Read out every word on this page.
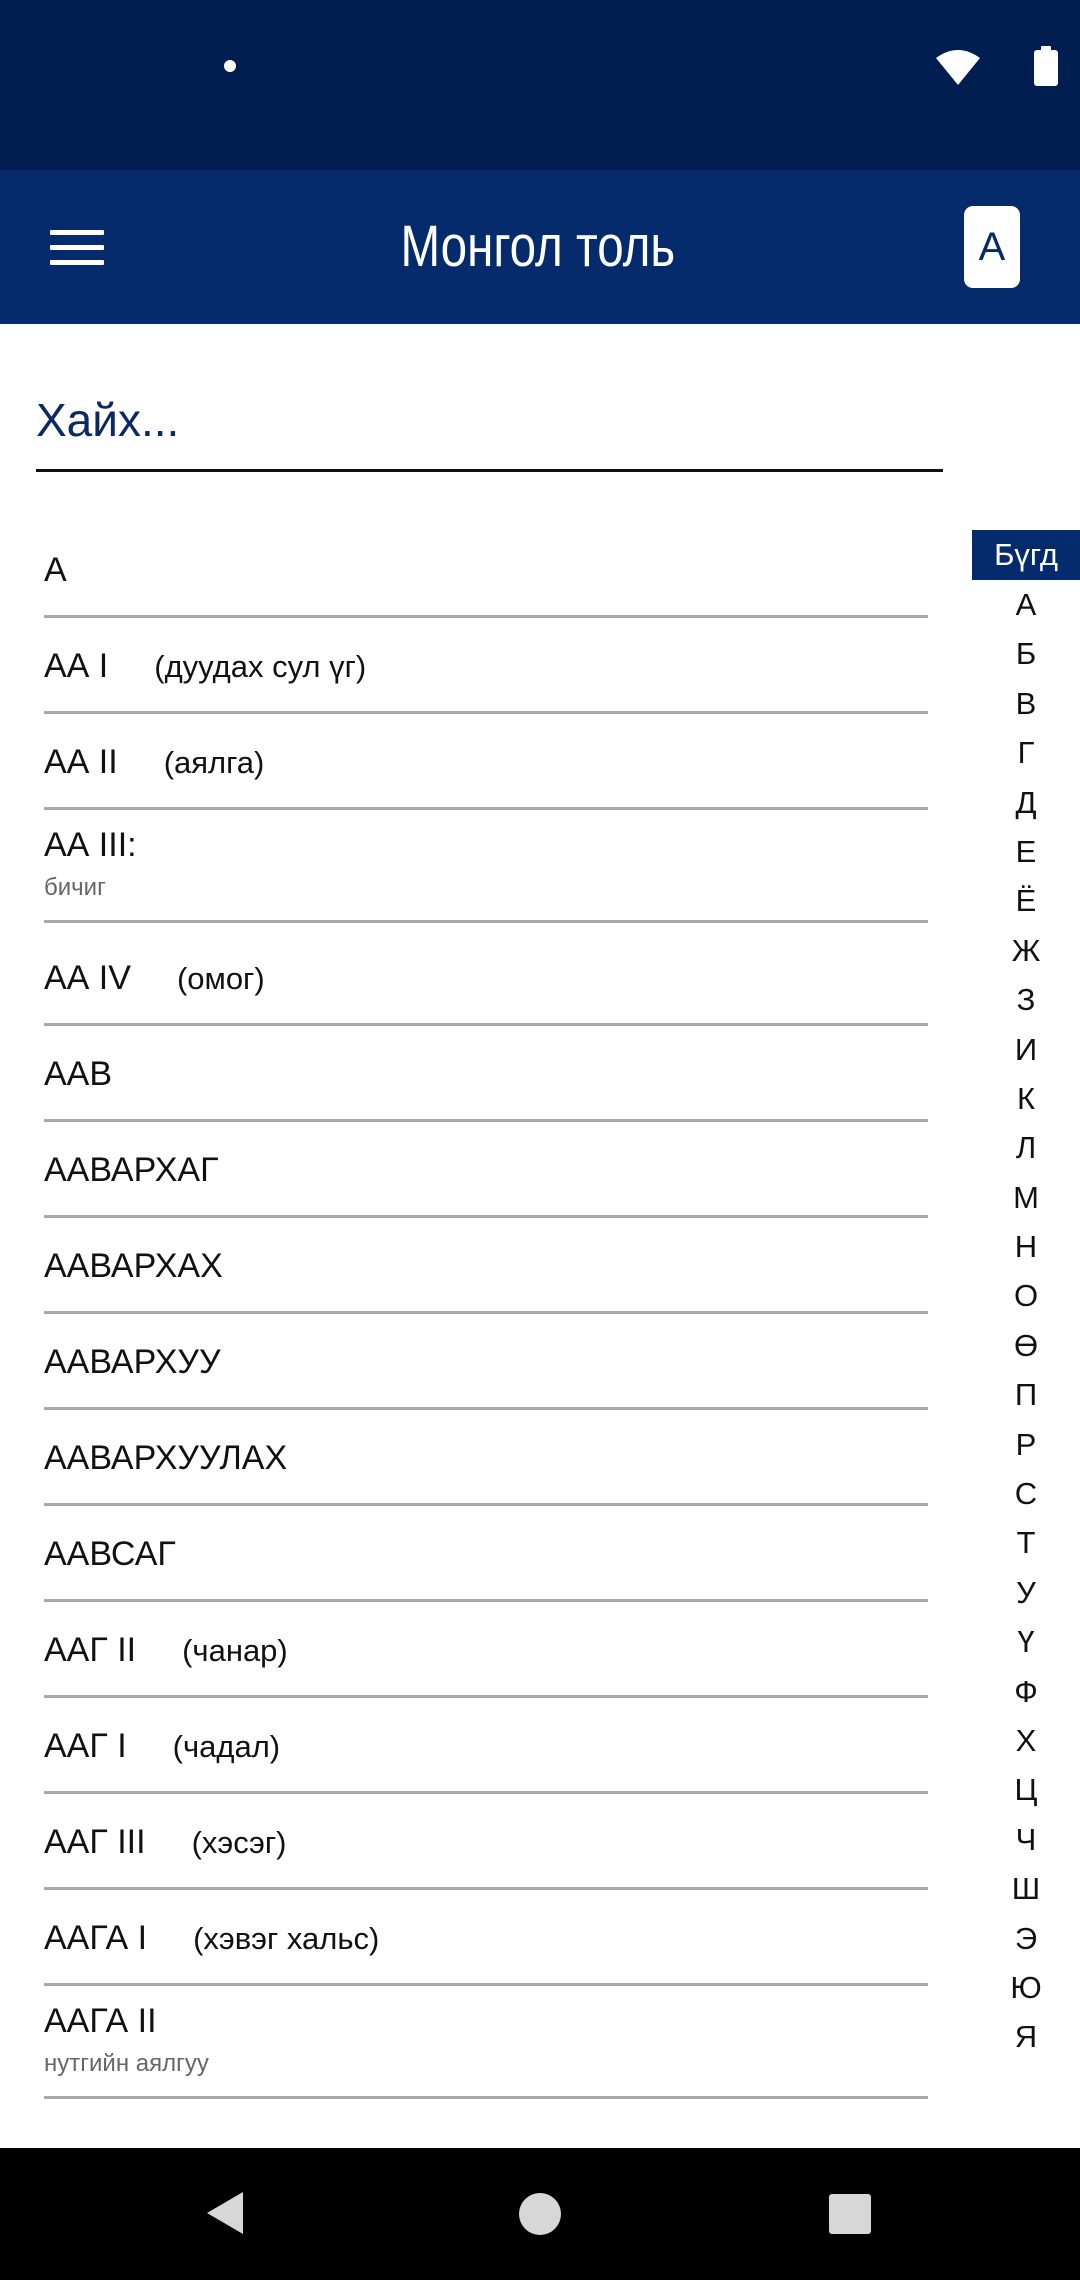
Монгол толь	A
Хайх...
А
АА I (дуудах сул үг)
АА II (аялга)
АА III:
бичиг
АА IV (омог)
ААВ
ААВАРХАГ
ААВАРХАХ
ААВАРХУУ
ААВАРХУУЛАХ
ААВСАГ
ААГ II (чанар)
ААГ I (чадал)
ААГ III (хэсэг)
ААГА I (хэвэг хальс)
ААГА II
нутгийн аялгуу
Бүгд
А
Б
В
Г
Д
Е
Ё
Ж
З
И
К
Л
М
Н
О
Ө
П
Р
С
Т
У
Ү
Ф
Х
Ц
Ч
Ш
Э
Ю
Я
